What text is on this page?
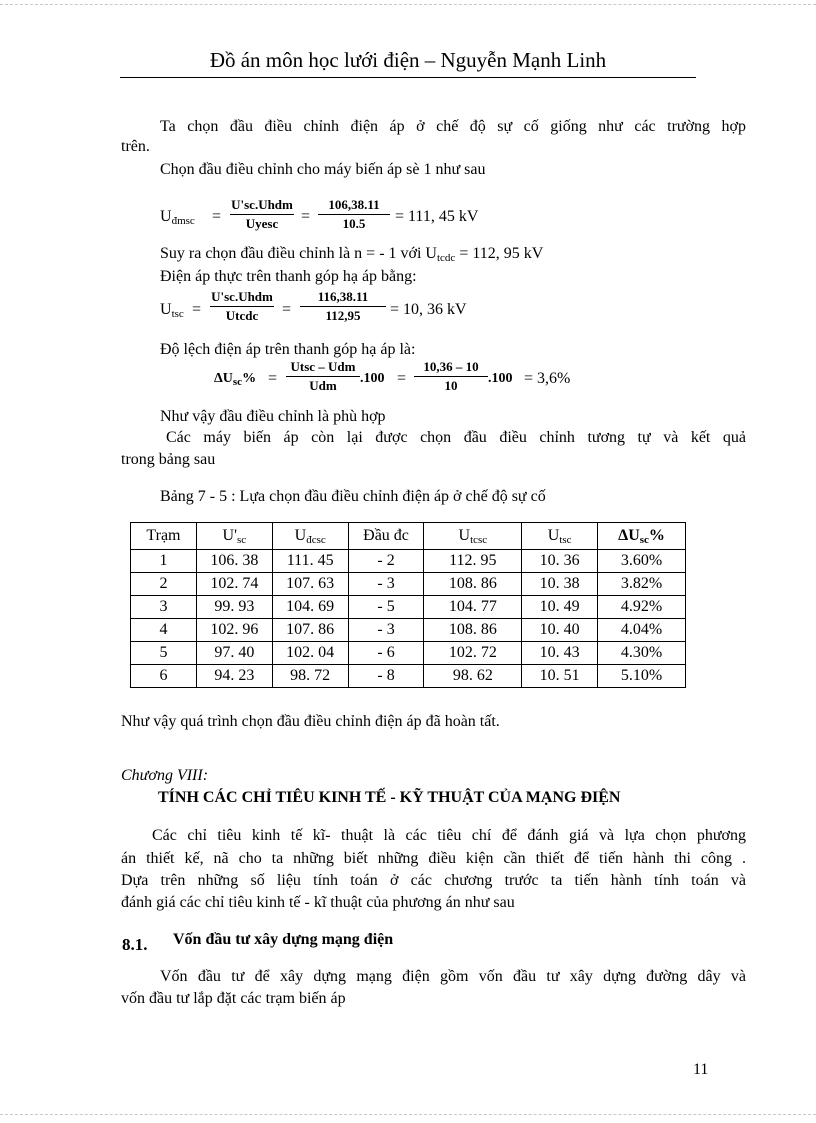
Đồ án môn học lưới điện – Nguyễn Mạnh Linh
Ta chọn đầu điều chỉnh điện áp ở chế độ sự cố giống như các trường hợp
trên.
Chọn đầu điều chỉnh cho máy biến áp sè 1 như sau
$U_{đmsc}$ =
U'sc.Uhdm
Uyesc	=
106,38.11
10.5	= 111, 45 kV
Suy ra chọn đầu điều chỉnh là n = - 1 với $U_{tcdc} = 112$, 95 kV
Điện áp thực trên thanh góp hạ áp bằng:
$U_{tsc}$ =
U'sc.Uhdm
Utcdc	=
116,38.11
112,95	= 10, 36 kV
Độ lệch điện áp trên thanh góp hạ áp là:
$\Delta U_{sc}\%$ =
Utsc – Udm
Udm	.100 =
10,36 – 10
10	.100 = 3,6%
Như vậy đầu điều chỉnh là phù hợp
Các máy biến áp còn lại được chọn đầu điều chỉnh tương tự và kết quả
trong bảng sau
Bảng 7 - 5 : Lựa chọn đầu điều chỉnh điện áp ở chế độ sự cố
Trạm	$U'_{sc}$	$U_{đcsc}$	Đầu đc	$U_{tcsc}$	$U_{tsc}$	$\Delta U_{sc}\%$
1	106. 38	111. 45	- 2	112. 95	10. 36	3.60%
2	102. 74	107. 63	- 3	108. 86	10. 38	3.82%
3	99. 93	104. 69	- 5	104. 77	10. 49	4.92%
4	102. 96	107. 86	- 3	108. 86	10. 40	4.04%
5	97. 40	102. 04	- 6	102. 72	10. 43	4.30%
6	94. 23	98. 72	- 8	98. 62	10. 51	5.10%
Như vậy quá trình chọn đầu điều chỉnh điện áp đã hoàn tất.
Chương VIII:
TÍNH CÁC CHỈ TIÊU KINH TẾ - KỸ THUẬT CỦA MẠNG ĐIỆN
Các chỉ tiêu kinh tế kĩ- thuật là các tiêu chí để đánh giá và lựa chọn phương
án thiết kế, nã cho ta những biết những điều kiện cần thiết để tiến hành thi công .
Dựa trên những số liệu tính toán ở các chương trước ta tiến hành tính toán và
đánh giá các chỉ tiêu kinh tế - kĩ thuật của phương án như sau
8.1. Vốn đầu tư xây dựng mạng điện
Vốn đầu tư để xây dựng mạng điện gồm vốn đầu tư xây dựng đường dây và
vốn đầu tư lắp đặt các trạm biến áp
11
